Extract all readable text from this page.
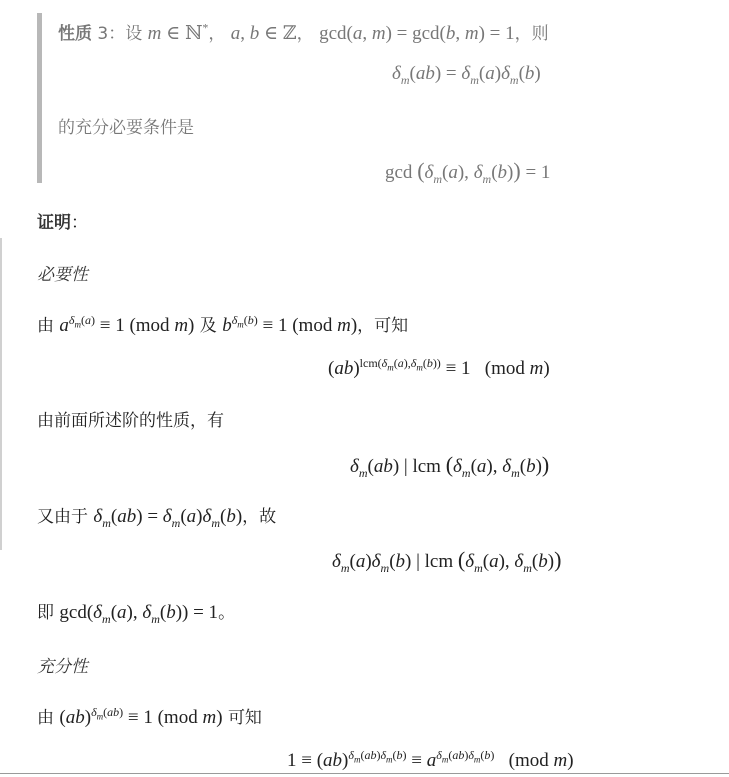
性质 3：设 m ∈ ℕ*， a, b ∈ ℤ， gcd(a, m) = gcd(b, m) = 1，则
$\delta_m(ab) = \delta_m(a)\delta_m(b)$
的充分必要条件是
$\gcd (\delta_m(a)$, $\delta_m(b)) = 1$
证明：
必要性
由 $a^{\delta_m(a)} \equiv 1$ (mod m) 及 $b^{\delta_m(b)} \equiv 1$ (mod m)，可知
(ab)$^{lcm(\delta_m(a),\delta_m(b))}$ ≡ 1   (mod m)
由前面所述阶的性质，有
$\delta_m(ab)$ | lcm ($\delta_m(a)$, $\delta_m(b)$)
又由于 $\delta_m(ab) = \delta_m(a)\delta_m(b)$，故
$\delta_m(a)\delta_m(b)$ | lcm ($\delta_m(a)$, $\delta_m(b)$)
即 $\gcd(\delta_m(a)$, $\delta_m(b)) = 1$。
充分性
由 (ab)$^{\delta_m(ab)}$ ≡ 1 (mod m) 可知
$1 \equiv (ab)^{\delta_m(ab)\delta_m(b)} \equiv a^{\delta_m(ab)\delta_m(b)}$   (mod m)
